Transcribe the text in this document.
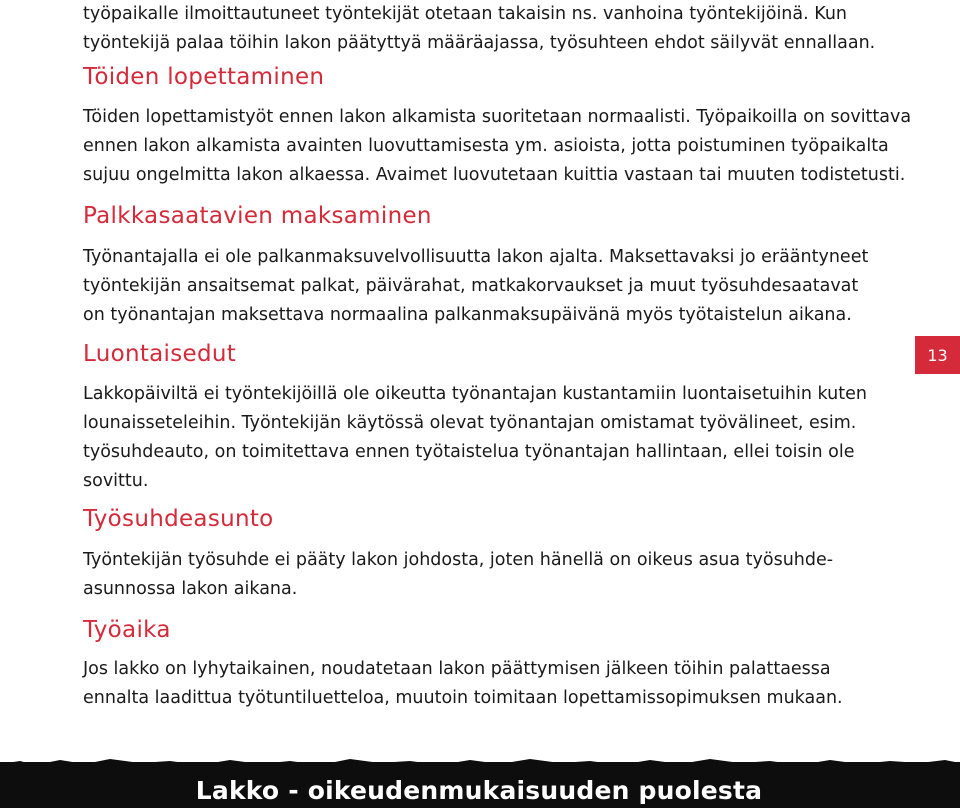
työpaikalle ilmoittautuneet työntekijät otetaan takaisin ns. vanhoina työntekijöinä. Kun
työntekijä palaa töihin lakon päätyttyä määräajassa, työsuhteen ehdot säilyvät ennallaan.
Töiden lopettaminen
Töiden lopettamistyöt ennen lakon alkamista suoritetaan normaalisti. Työpaikoilla on sovittava
ennen lakon alkamista avainten luovuttamisesta ym. asioista, jotta poistuminen työpaikalta
sujuu ongelmitta lakon alkaessa. Avaimet luovutetaan kuittia vastaan tai muuten todistetusti.
Palkkasaatavien maksaminen
Työnantajalla ei ole palkanmaksuvelvollisuutta lakon ajalta. Maksettavaksi jo erääntyneet
työntekijän ansaitsemat palkat, päivärahat, matkakorvaukset ja muut työsuhdesaatavat
on työnantajan maksettava normaalina palkanmaksupäivänä myös työtaistelun aikana.
Luontaisedut
Lakkopäiviltä ei työntekijöillä ole oikeutta työnantajan kustantamiin luontaisetuihin kuten
lounaisseteleihin. Työntekijän käytössä olevat työnantajan omistamat työvälineet, esim.
työsuhdeauto, on toimitettava ennen työtaistelua työnantajan hallintaan, ellei toisin ole
sovittu.
Työsuhdeasunto
Työntekijän työsuhde ei pääty lakon johdosta, joten hänellä on oikeus asua työsuhde-
asunnossa lakon aikana.
Työaika
Jos lakko on lyhytaikainen, noudatetaan lakon päättymisen jälkeen töihin palattaessa
ennalta laadittua työtuntiluetteloa, muutoin toimitaan lopettamissopimuksen mukaan.
13
Lakko - oikeudenmukaisuuden puolesta
